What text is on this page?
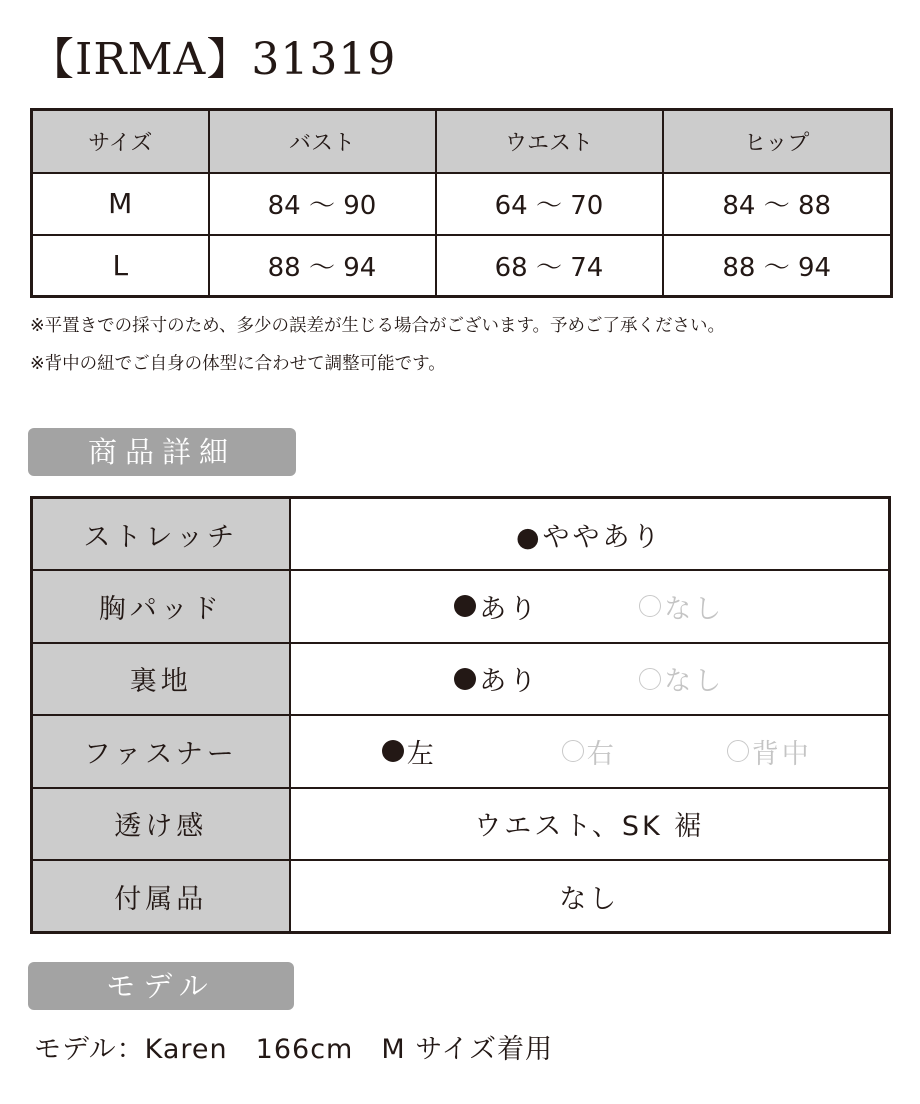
【IRMA】31319
サイズ	バスト	ウエスト	ヒップ
M	84 〜 90	64 〜 70	84 〜 88
L	88 〜 94	68 〜 74	88 〜 94
※平置きでの採寸のため、多少の誤差が生じる場合がございます。予めご了承ください。
※背中の紐でご自身の体型に合わせて調整可能です。
商品詳細
ストレッチ	●ややあり
胸パッド	あり なし

裏地	あり なし

ファスナー	左 右 背中

透け感	ウエスト、SK 裾
付属品	なし
モデル
モデル：Karen　166cm　M サイズ着用
